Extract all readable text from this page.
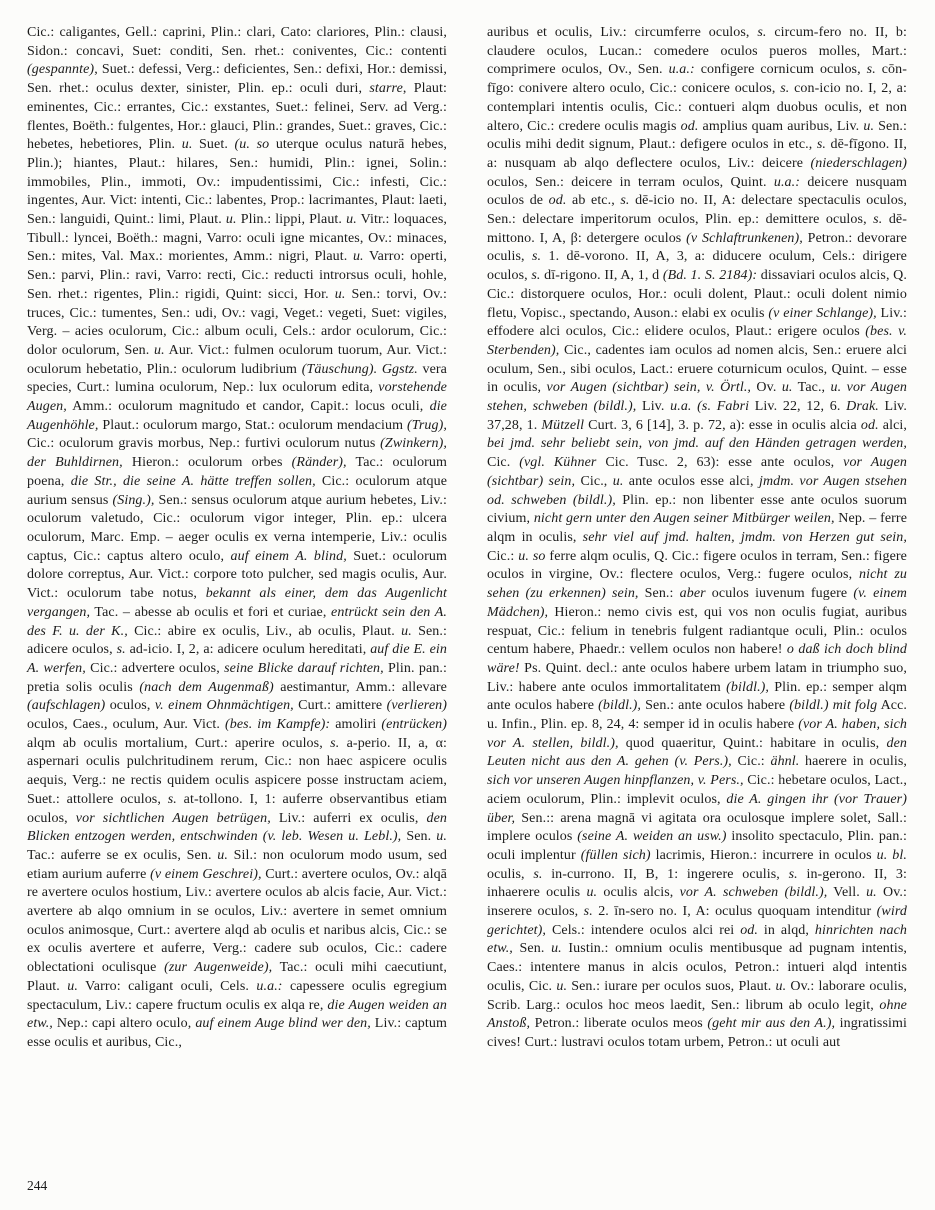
Cic.: caligantes, Gell.: caprini, Plin.: clari, Cato: clariores, Plin.: clausi, Sidon.: concavi, Suet: conditi, Sen. rhet.: coniventes, Cic.: contenti (gespannte), Suet.: defessi, Verg.: deficientes, Sen.: defixi, Hor.: demissi, Sen. rhet.: oculus dexter, sinister, Plin. ep.: oculi duri, starre, Plaut: eminentes, Cic.: errantes, Cic.: exstantes, Suet.: felinei, Serv. ad Verg.: flentes, Boëth.: fulgentes, Hor.: glauci, Plin.: grandes, Suet.: graves, Cic.: hebetes, hebetiores, Plin. u. Suet. (u. so uterque oculus naturā hebes, Plin.); hiantes, Plaut.: hilares, Sen.: humidi, Plin.: ignei, Solin.: immobiles, Plin., immoti, Ov.: impudentissimi, Cic.: infesti, Cic.: ingentes, Aur. Vict: intenti, Cic.: labentes, Prop.: lacrimantes, Plaut: laeti, Sen.: languidi, Quint.: limi, Plaut. u. Plin.: lippi, Plaut. u. Vitr.: loquaces, Tibull.: lyncei, Boëth.: magni, Varro: oculi igne micantes, Ov.: minaces, Sen.: mites, Val. Max.: morientes, Amm.: nigri, Plaut. u. Varro: operti, Sen.: parvi, Plin.: ravi, Varro: recti, Cic.: reducti introrsus oculi, hohle, Sen. rhet.: rigentes, Plin.: rigidi, Quint: sicci, Hor. u. Sen.: torvi, Ov.: truces, Cic.: tumentes, Sen.: udi, Ov.: vagi, Veget.: vegeti, Suet: vigiles, Verg. – acies oculorum, Cic.: album oculi, Cels.: ardor oculorum, Cic.: dolor oculorum, Sen. u. Aur. Vict.: fulmen oculorum tuorum, Aur. Vict.: oculorum hebetatio, Plin.: oculorum ludibrium (Täuschung). Ggstz. vera species, Curt.: lumina oculorum, Nep.: lux oculorum edita, vorstehende Augen, Amm.: oculorum magnitudo et candor, Capit.: locus oculi, die Augenhöhle, Plaut.: oculorum margo, Stat.: oculorum mendacium (Trug), Cic.: oculorum gravis morbus, Nep.: furtivi oculorum nutus (Zwinkern), der Buhldirnen, Hieron.: oculorum orbes (Ränder), Tac.: oculorum poena, die Str., die seine A. hätte treffen sollen, Cic.: oculorum atque aurium sensus (Sing.), Sen.: sensus oculorum atque aurium hebetes, Liv.: oculorum valetudo, Cic.: oculorum vigor integer, Plin. ep.: ulcera oculorum, Marc. Emp. – aeger oculis ex verna intemperie, Liv.: oculis captus, Cic.: captus altero oculo, auf einem A. blind, Suet.: oculorum dolore correptus, Aur. Vict.: corpore toto pulcher, sed magis oculis, Aur. Vict.: oculorum tabe notus, bekannt als einer, dem das Augenlicht vergangen, Tac. – abesse ab oculis et fori et curiae, entrückt sein den A. des F. u. der K., Cic.: abire ex oculis, Liv., ab oculis, Plaut. u. Sen.: adicere oculos, s. ad-icio. I, 2, a: adicere oculum hereditati, auf die E. ein A. werfen, Cic.: advertere oculos, seine Blicke darauf richten, Plin. pan.: pretia solis oculis (nach dem Augenmaß) aestimantur, Amm.: allevare (aufschlagen) oculos, v. einem Ohnmächtigen, Curt.: amittere (verlieren) oculos, Caes., oculum, Aur. Vict. (bes. im Kampfe): amoliri (entrücken) alqm ab oculis mortalium, Curt.: aperire oculos, s. a-perio. II, a, α: aspernari oculis pulchritudinem rerum, Cic.: non haec aspicere oculis aequis, Verg.: ne rectis quidem oculis aspicere posse instructam aciem, Suet.: attollere oculos, s. at-tollono. I, 1: auferre observantibus etiam oculos, vor sichtlichen Augen betrügen, Liv.: auferri ex oculis, den Blicken entzogen werden, entschwinden (v. leb. Wesen u. Lebl.), Sen. u. Tac.: auferre se ex oculis, Sen. u. Sil.: non oculorum modo usum, sed etiam aurium auferre (v einem Geschrei), Curt.: avertere oculos, Ov.: alqā re avertere oculos hostium, Liv.: avertere oculos ab alcis facie, Aur. Vict.: avertere ab alqo omnium in se oculos, Liv.: avertere in semet omnium oculos animosque, Curt.: avertere alqd ab oculis et naribus alcis, Cic.: se ex oculis avertere et auferre, Verg.: cadere sub oculos, Cic.: cadere oblectationi oculisque (zur Augenweide), Tac.: oculi mihi caecutiunt, Plaut. u. Varro: caligant oculi, Cels. u.a.: capessere oculis egregium spectaculum, Liv.: capere fructum oculis ex alqa re, die Augen weiden an etw., Nep.: capi altero oculo, auf einem Auge blind wer den, Liv.: captum esse oculis et auribus, Cic.,
auribus et oculis, Liv.: circumferre oculos, s. circum-fero no. II, b: claudere oculos, Lucan.: comedere oculos pueros molles, Mart.: comprimere oculos, Ov., Sen. u.a.: configere cornicum oculos, s. cōn-fīgo: conivere altero oculo, Cic.: conicere oculos, s. con-icio no. I, 2, a: contemplari intentis oculis, Cic.: contueri alqm duobus oculis, et non altero, Cic.: credere oculis magis od. amplius quam auribus, Liv. u. Sen.: oculis mihi dedit signum, Plaut.: defigere oculos in etc., s. dē-fīgono. II, a: nusquam ab alqo deflectere oculos, Liv.: deicere (niederschlagen) oculos, Sen.: deicere in terram oculos, Quint. u.a.: deicere nusquam oculos de od. ab etc., s. dē-icio no. II, A: delectare spectaculis oculos, Sen.: delectare imperitorum oculos, Plin. ep.: demittere oculos, s. dē-mittono. I, A, β: detergere oculos (v Schlaftrunkenen), Petron.: devorare oculis, s. 1. dē-vorono. II, A, 3, a: diducere oculum, Cels.: dirigere oculos, s. dī-rigono. II, A, 1, d (Bd. 1. S. 2184): dissaviari oculos alcis, Q. Cic.: distorquere oculos, Hor.: oculi dolent, Plaut.: oculi dolent nimio fletu, Vopisc., spectando, Auson.: elabi ex oculis (v einer Schlange), Liv.: effodere alci oculos, Cic.: elidere oculos, Plaut.: erigere oculos (bes. v. Sterbenden), Cic., cadentes iam oculos ad nomen alcis, Sen.: eruere alci oculum, Sen., sibi oculos, Lact.: eruere coturnicum oculos, Quint. – esse in oculis, vor Augen (sichtbar) sein, v. Örtl., Ov. u. Tac., u. vor Augen stehen, schweben (bildl.), Liv. u.a. (s. Fabri Liv. 22, 12, 6. Drak. Liv. 37,28, 1. Mützell Curt. 3, 6 [14], 3. p. 72, a): esse in oculis alcia od. alci, bei jmd. sehr beliebt sein, von jmd. auf den Händen getragen werden, Cic. (vgl. Kühner Cic. Tusc. 2, 63): esse ante oculos, vor Augen (sichtbar) sein, Cic., u. ante oculos esse alci, jmdm. vor Augen stsehen od. schweben (bildl.), Plin. ep.: non libenter esse ante oculos suorum civium, nicht gern unter den Augen seiner Mitbürger weilen, Nep. – ferre alqm in oculis, sehr viel auf jmd. halten, jmdm. von Herzen gut sein, Cic.: u. so ferre alqm oculis, Q. Cic.: figere oculos in terram, Sen.: figere oculos in virgine, Ov.: flectere oculos, Verg.: fugere oculos, nicht zu sehen (zu erkennen) sein, Sen.: aber oculos iuvenum fugere (v. einem Mädchen), Hieron.: nemo civis est, qui vos non oculis fugiat, auribus respuat, Cic.: felium in tenebris fulgent radiantque oculi, Plin.: oculos centum habere, Phaedr.: vellem oculos non habere! o daß ich doch blind wäre! Ps. Quint. decl.: ante oculos habere urbem latam in triumpho suo, Liv.: habere ante oculos immortalitatem (bildl.), Plin. ep.: semper alqm ante oculos habere (bildl.), Sen.: ante oculos habere (bildl.) mit folg Acc. u. Infin., Plin. ep. 8, 24, 4: semper id in oculis habere (vor A. haben, sich vor A. stellen, bildl.), quod quaeritur, Quint.: habitare in oculis, den Leuten nicht aus den A. gehen (v. Pers.), Cic.: ähnl. haerere in oculis, sich vor unseren Augen hinpflanzen, v. Pers., Cic.: hebetare oculos, Lact., aciem oculorum, Plin.: implevit oculos, die A. gingen ihr (vor Trauer) über, Sen.:: arena magnā vi agitata ora oculosque implere solet, Sall.: implere oculos (seine A. weiden an usw.) insolito spectaculo, Plin. pan.: oculi implentur (füllen sich) lacrimis, Hieron.: incurrere in oculos u. bl. oculis, s. in-currono. II, B, 1: ingerere oculis, s. in-gerono. II, 3: inhaerere oculis u. oculis alcis, vor A. schweben (bildl.), Vell. u. Ov.: inserere oculos, s. 2. īn-sero no. I, A: oculus quoquam intenditur (wird gerichtet), Cels.: intendere oculos alci rei od. in alqd, hinrichten nach etw., Sen. u. Iustin.: omnium oculis mentibusque ad pugnam intentis, Caes.: intentere manus in alcis oculos, Petron.: intueri alqd intentis oculis, Cic. u. Sen.: iurare per oculos suos, Plaut. u. Ov.: laborare oculis, Scrib. Larg.: oculos hoc meos laedit, Sen.: librum ab oculo legit, ohne Anstoß, Petron.: liberate oculos meos (geht mir aus den A.), ingratissimi cives! Curt.: lustravi oculos totam urbem, Petron.: ut oculi aut
244
